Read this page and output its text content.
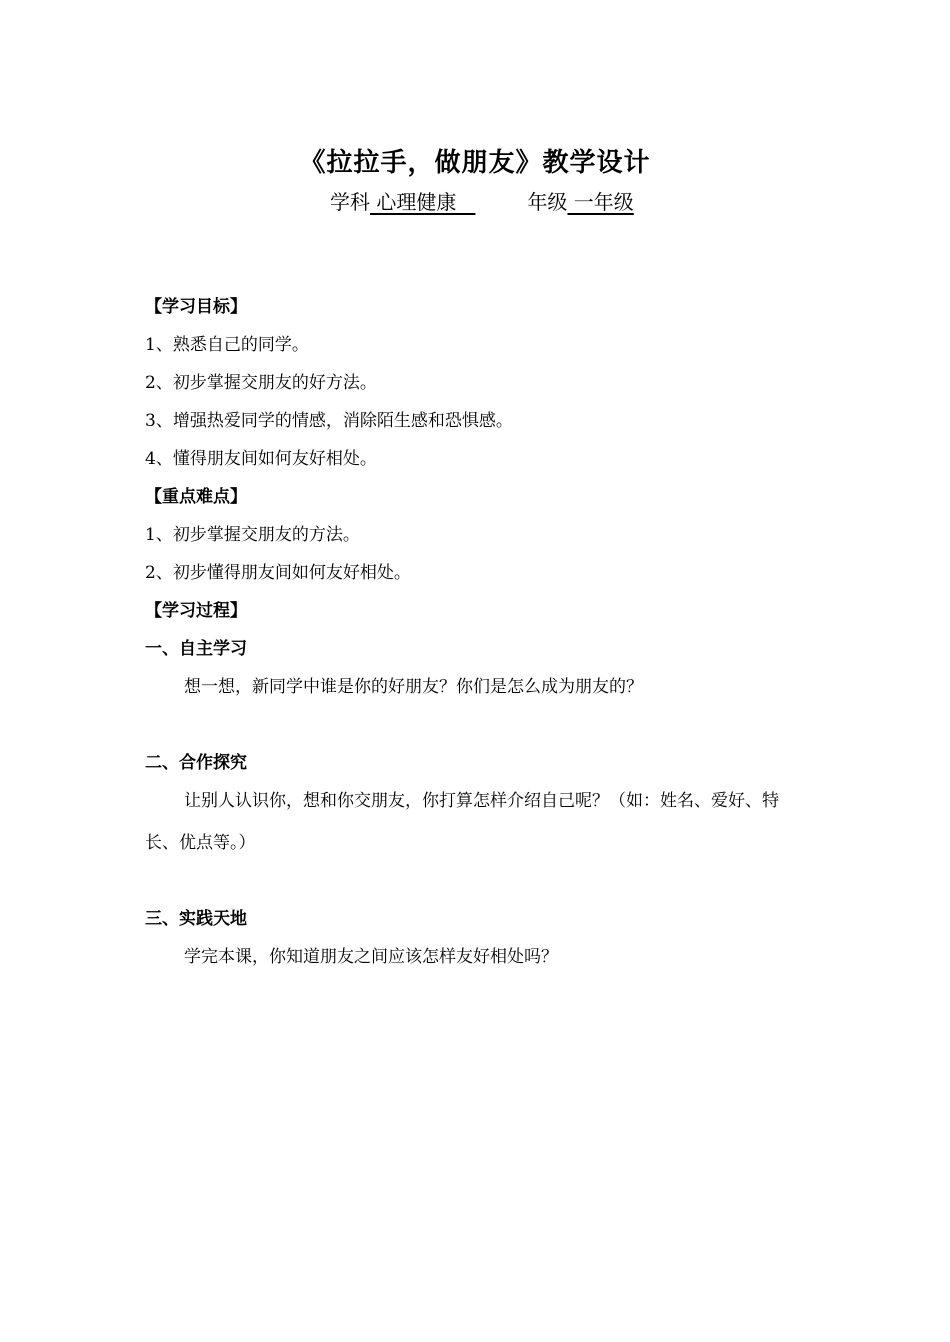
《拉拉手，做朋友》教学设计
学科 心理健康	年级 一年级
【学习目标】
1、熟悉自己的同学。
2、初步掌握交朋友的好方法。
3、增强热爱同学的情感，消除陌生感和恐惧感。
4、懂得朋友间如何友好相处。
【重点难点】
1、初步掌握交朋友的方法。
2、初步懂得朋友间如何友好相处。
【学习过程】
一、自主学习
想一想，新同学中谁是你的好朋友？你们是怎么成为朋友的？
二、合作探究
让别人认识你，想和你交朋友，你打算怎样介绍自己呢？（如：姓名、爱好、特
长、优点等。）
三、实践天地
学完本课，你知道朋友之间应该怎样友好相处吗？
